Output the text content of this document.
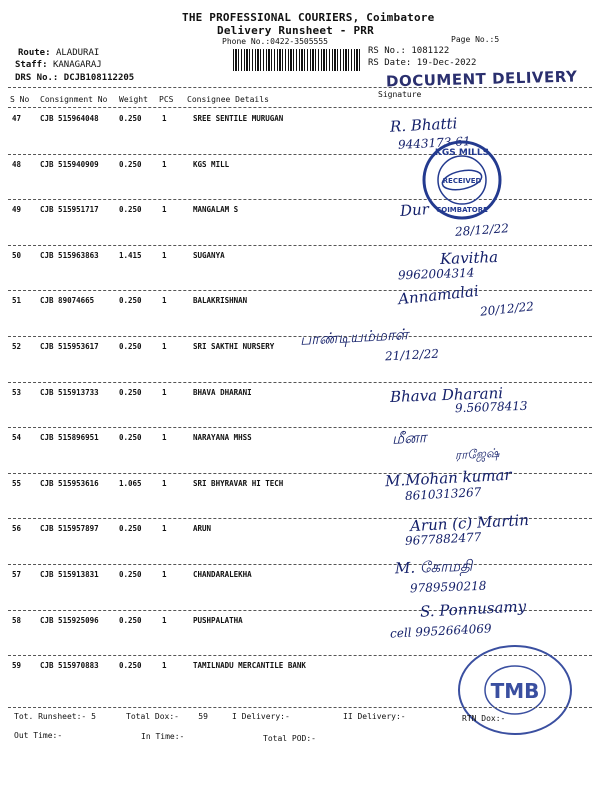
THE PROFESSIONAL COURIERS, Coimbatore
Delivery Runsheet - PRR
Phone No.:0422-3505555	Page No.:5
Route: ALADURAI
Staff: KANAGARAJ
DRS No.: DCJB108112205
RS No.: 1081122
RS Date: 19-Dec-2022
DOCUMENT DELIVERY
S No Consignment No Weight PCS Consignee Details
Signature
47	CJB 515964048	0.250	1	SREE SENTILE MURUGAN	R. Bhatti
9443173 61
48	CJB 515940909	0.250	1	KGS MILL
49	CJB 515951717	0.250	1	MANGALAM S	Dur
28/12/22
50	CJB 515963863	1.415	1	SUGANYA	Kavitha
9962004314
51	CJB 89074665	0.250	1	BALAKRISHNAN	Annamalai
20/12/22
52	CJB 515953617	0.250	1	SRI SAKTHI NURSERY பாண்டியம்மாள்
21/12/22
53	CJB 515913733	0.250	1	BHAVA DHARANI	Bhava Dharani
9.56078413
54	CJB 515896951	0.250	1	NARAYANA MHSS	மீனா
ராஜேஷ்
55	CJB 515953616	1.065	1	SRI BHYRAVAR HI TECH	M.Mohan kumar
8610313267
56	CJB 515957897	0.250	1	ARUN	Arun (c) Martin
9677882477
57	CJB 515913831	0.250	1	CHANDARALEKHA	M. கோமதி
9789590218
58	CJB 515925096	0.250	1	PUSHPALATHA	S. Ponnusamy
cell 9952664069
59	CJB 515970883	0.250	1	TAMILNADU MERCANTILE BANK
KGS MILLS
RECEIVED
COIMBATORE
TMB
Tot. Runsheet:- 5	Total Dox:- 59	I Delivery:-	II Delivery:-	RTN Dox:-
Out Time:-	In Time:-	Total POD:-
